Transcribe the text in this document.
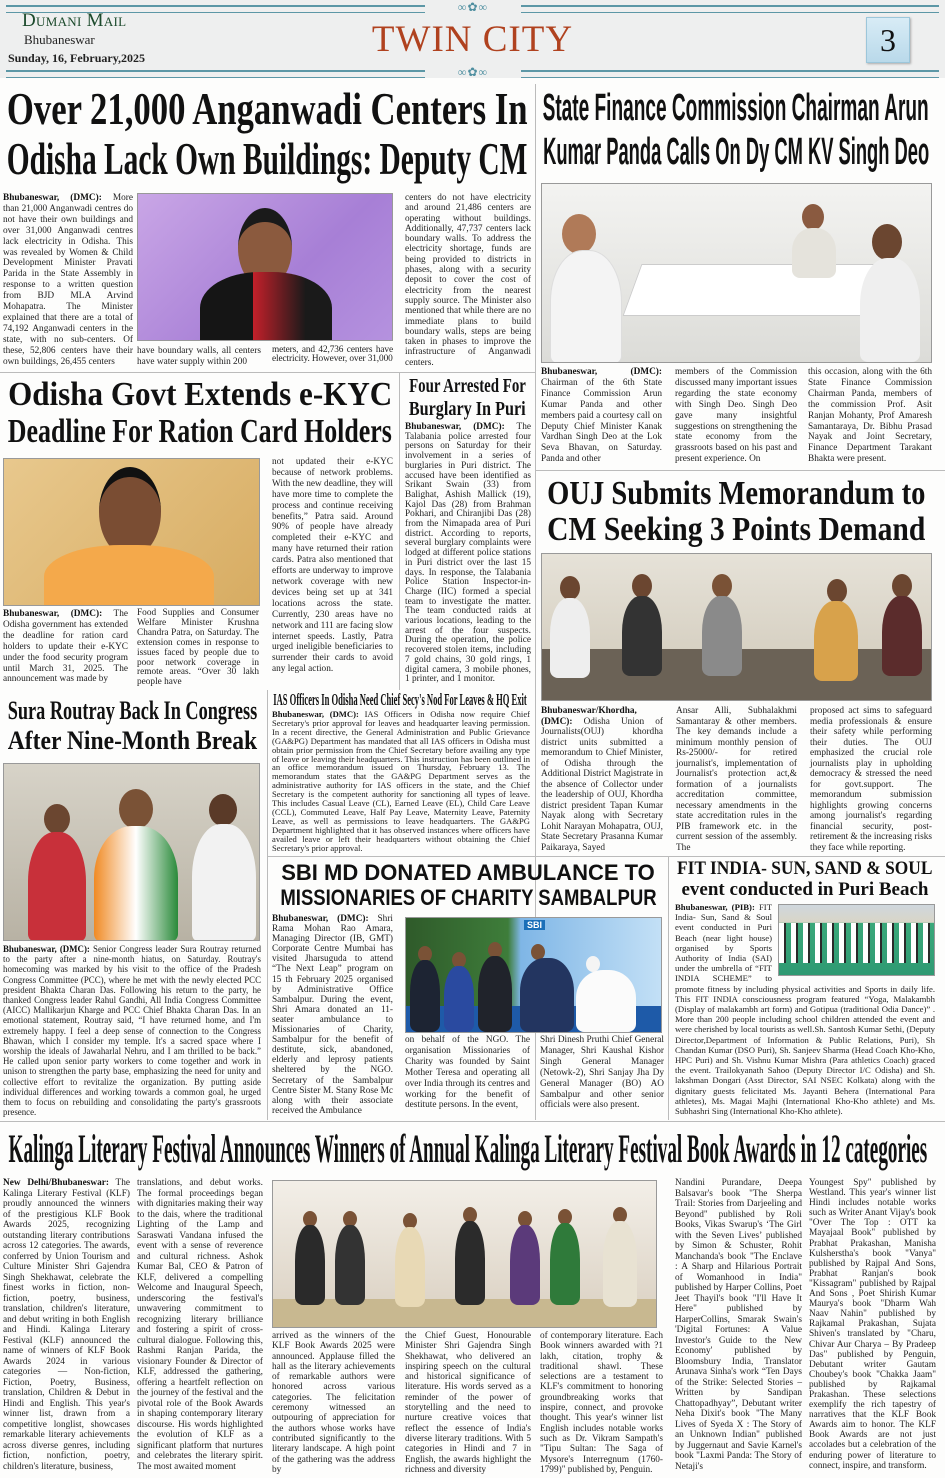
∞✿∞
∞✿∞
Dumani Mail
Bhubaneswar
Sunday, 16, February,2025	TWIN CITY	3
Over 21,000 Anganwadi Centers In
Odisha Lack Own Buildings: Deputy CM
Bhubaneswar, (DMC): More than 21,000 Anganwadi centres do not have their own buildings and over 31,000 Anganwadi centres lack electricity in Odisha. This was revealed by Women & Child Development Minister Pravati Parida in the State Assembly in response to a written question from BJD MLA Arvind Mohapatra. The Minister explained that there are a total of 74,192 Anganwadi centers in the state, with no sub-centers. Of these, 52,806 centers have their own buildings, 26,455 centers
have boundary walls, all centers have water supply within 200
meters, and 42,736 centers have electricity. However, over 31,000
centers do not have electricity and around 21,486 centers are operating without buildings. Additionally, 47,737 centers lack boundary walls. To address the electricity shortage, funds are being provided to districts in phases, along with a security deposit to cover the cost of electricity from the nearest supply source. The Minister also mentioned that while there are no immediate plans to build boundary walls, steps are being taken in phases to improve the infrastructure of Anganwadi centers.
State Finance Commission Chairman Arun
Kumar Panda Calls On Dy CM KV Singh Deo
Bhubaneswar, (DMC): Chairman of the 6th State Finance Commission Arun Kumar Panda and other members paid a courtesy call on Deputy Chief Minister Kanak Vardhan Singh Deo at the Lok Seva Bhavan, on Saturday. Panda and other
members of the Commission discussed many important issues regarding the state economy with Singh Deo. Singh Deo gave many insightful suggestions on strengthening the state economy from the grassroots based on his past and present experience. On
this occasion, along with the 6th State Finance Commission Chairman Panda, members of the commission Prof. Asit Ranjan Mohanty, Prof Amaresh Samantaraya, Dr. Bibhu Prasad Nayak and Joint Secretary, Finance Department Tarakant Bhakta were present.
Odisha Govt Extends e-KYC
Deadline For Ration Card Holders
Bhubaneswar, (DMC): The Odisha government has extended the deadline for ration card holders to update their e-KYC under the food security program until March 31, 2025. The announcement was made by
Food Supplies and Consumer Welfare Minister Krushna Chandra Patra, on Saturday. The extension comes in response to issues faced by people due to poor network coverage in remote areas. “Over 30 lakh people have
not updated their e-KYC because of network problems. With the new deadline, they will have more time to complete the process and continue receiving benefits,” Patra said. Around 90% of people have already completed their e-KYC and many have returned their ration cards. Patra also mentioned that efforts are underway to improve network coverage with new devices being set up at 341 locations across the state. Currently, 230 areas have no network and 111 are facing slow internet speeds. Lastly, Patra urged ineligible beneficiaries to surrender their cards to avoid any legal action.
Four Arrested For
Burglary In Puri
Bhubaneswar, (DMC): The Talabania police arrested four persons on Saturday for their involvement in a series of burglaries in Puri district. The accused have been identified as Srikant Swain (33) from Balighat, Ashish Mallick (19), Kajol Das (28) from Brahman Pokhari, and Chiranjibi Das (28) from the Nimapada area of Puri district. According to reports, several burglary complaints were lodged at different police stations in Puri district over the last 15 days. In response, the Talabania Police Station Inspector-in-Charge (IIC) formed a special team to investigate the matter. The team conducted raids at various locations, leading to the arrest of the four suspects. During the operation, the police recovered stolen items, including 7 gold chains, 30 gold rings, 1 digital camera, 3 mobile phones, 1 printer, and 1 monitor.
OUJ Submits Memorandum to
CM Seeking 3 Points Demand
Bhubaneswar/Khordha, (DMC): Odisha Union of Journalists(OUJ) khordha district units submitted a memorandum to Chief Minister, of Odisha through the Additional District Magistrate in the absence of Collector under the leadership of OUJ, Khordha district president Tapan Kumar Nayak along with Secretary Lohit Narayan Mohapatra, OUJ, State Secretary Prasanna Kumar Paikaraya, Sayed
Ansar Alli, Subhalakhmi Samantaray & other members. The key demands include a minimum monthly pension of Rs-25000/- for retired journalist's, implementation of Journalist's protection act,& formation of a journalists accreditation committee, necessary amendments in the state accreditation rules in the PIB framework etc. in the current session of the assembly. The
proposed act sims to safeguard media professionals & ensure their safety while performing their duties. The OUJ emphasized the crucial role journalists play in upholding democracy & stressed the need for govt.support. The memorandum submission highlights growing concerns among journalist's regarding financial security, post-retirement & the increasing risks they face while reporting.
IAS Officers In Odisha Need Chief Secy's Nod For Leaves & HQ Exit
Bhubaneswar, (DMC): IAS Officers in Odisha now require Chief Secretary's prior approval for leaves and headquarter leaving permission. In a recent directive, the General Administration and Public Grievance (GA&PG) Department has mandated that all IAS officers in Odisha must obtain prior permission from the Chief Secretary before availing any type of leave or leaving their headquarters. This instruction has been outlined in an office memorandum issued on Thursday, February 13. The memorandum states that the GA&PG Department serves as the administrative authority for IAS officers in the state, and the Chief Secretary is the competent authority for sanctioning all types of leave. This includes Casual Leave (CL), Earned Leave (EL), Child Care Leave (CCL), Commuted Leave, Half Pay Leave, Maternity Leave, Paternity Leave, as well as permissions to leave headquarters. The GA&PG Department highlighted that it has observed instances where officers have availed leave or left their headquarters without obtaining the Chief Secretary's prior approval.
Sura Routray Back In Congress
After Nine-Month Break
Bhubaneswar, (DMC): Senior Congress leader Sura Routray returned to the party after a nine-month hiatus, on Saturday. Routray's homecoming was marked by his visit to the office of the Pradesh Congress Committee (PCC), where he met with the newly elected PCC president Bhakta Charan Das. Following his return to the party, he thanked Congress leader Rahul Gandhi, All India Congress Committee (AICC) Mallikarjun Kharge and PCC Chief Bhakta Charan Das. In an emotional statement, Routray said, “I have returned home, and I'm extremely happy. I feel a deep sense of connection to the Congress Bhawan, which I consider my temple. It's a sacred space where I worship the ideals of Jawaharlal Nehru, and I am thrilled to be back.” He called upon senior party workers to come together and work in unison to strengthen the party base, emphasizing the need for unity and collective effort to revitalize the organization. By putting aside individual differences and working towards a common goal, he urged them to focus on rebuilding and consolidating the party's grassroots presence.
SBI MD DONATED AMBULANCE TO
MISSIONARIES OF CHARITY SAMBALPUR
Bhubaneswar, (DMC): Shri Rama Mohan Rao Amara, Managing Director (IB, GMT) Corporate Centre Mumbai has visited Jharsuguda to attend “The Next Leap” program on 15 th February 2025 organised by Administrative Office Sambalpur. During the event, Shri Amara donated an 11-seater ambulance to Missionaries of Charity, Sambalpur for the benefit of destitute, sick, abandoned, elderly and leprosy patients sheltered by the NGO. Secretary of the Sambalpur Centre Sister M. Stany Rose Mc along with their associate received the Ambulance
SBI
on behalf of the NGO. The organisation Missionaries of Charity was founded by Saint Mother Teresa and operating all over India through its centres and working for the benefit of destitute persons. In the event,
Shri Dinesh Pruthi Chief General Manager, Shri Kaushal Kishor Singh General Manager (Netowk-2), Shri Sanjay Jha Dy General Manager (BO) AO Sambalpur and other senior officials were also present.
FIT INDIA- SUN, SAND & SOUL
event conducted in Puri Beach
Bhubaneswar, (PIB): FIT India- Sun, Sand & Soul event conducted in Puri Beach (near light house) organised by Sports Authority of India (SAI) under the umbrella of “FIT INDIA SCHEME” to promote fitness by including physical activities and Sports in daily life. This FIT INDIA consciousness program featured “Yoga, Malakambh (Display of malakambh art form) and Gotipua (traditional Odia Dance)” . More than 200 people including school children attended the event and were cherished by local tourists as well.Sh. Santosh Kumar Sethi, (Deputy Director,Department of Information & Public Relations, Puri), Sh Chandan Kumar (DSO Puri), Sh. Sanjeev Sharma (Head Coach Kho-Kho, HPC Puri) and Sh. Vishnu Kumar Mishra (Para athletics Coach) graced the event. Trailokyanath Sahoo (Deputy Director I/C Odisha) and Sh. lakshman Dongari (Asst Director, SAI NSEC Kolkata) along with the dignitary guests felicitated Ms. Jayanti Behera (International Para athletes), Ms. Magai Majhi (International Kho-Kho athlete) and Ms. Subhashri Sing (International Kho-Kho athlete).
Kalinga Literary Festival Announces Winners of Annual Kalinga Literary Festival Book Awards in 12 categories
New Delhi/Bhubaneswar: The Kalinga Literary Festival (KLF) proudly announced the winners of the prestigious KLF Book Awards 2025, recognizing outstanding literary contributions across 12 categories. The awards, conferred by Union Tourism and Culture Minister Shri Gajendra Singh Shekhawat, celebrate the finest works in fiction, non-fiction, poetry, business, translation, children's literature, and debut writing in both English and Hindi. Kalinga Literary Festival (KLF) announced the name of winners of KLF Book Awards 2024 in various categories — Non-fiction, Fiction, Poetry, Business, translation, Children & Debut in Hindi and English. This year's winner list, drawn from a competitive longlist, showcases remarkable literary achievements across diverse genres, including fiction, nonfiction, poetry, children's literature, business,
translations, and debut works. The formal proceedings began with dignitaries making their way to the dais, where the traditional Lighting of the Lamp and Saraswati Vandana infused the event with a sense of reverence and cultural richness. Ashok Kumar Bal, CEO & Patron of KLF, delivered a compelling Welcome and Inaugural Speech, underscoring the festival's unwavering commitment to recognizing literary brilliance and fostering a spirit of cross-cultural dialogue. Following this, Rashmi Ranjan Parida, the visionary Founder & Director of KLF, addressed the gathering, offering a heartfelt reflection on the journey of the festival and the pivotal role of the Book Awards in shaping contemporary literary discourse. His words highlighted the evolution of KLF as a significant platform that nurtures and celebrates the literary spirit. The most awaited moment
arrived as the winners of the KLF Book Awards 2025 were announced. Applause filled the hall as the literary achievements of remarkable authors were honored across various categories. The felicitation ceremony witnessed an outpouring of appreciation for the authors whose works have contributed significantly to the literary landscape. A high point of the gathering was the address by
the Chief Guest, Honourable Minister Shri Gajendra Singh Shekhawat, who delivered an inspiring speech on the cultural and historical significance of literature. His words served as a reminder of the power of storytelling and the need to nurture creative voices that reflect the essence of India's diverse literary traditions. With 5 categories in Hindi and 7 in English, the awards highlight the richness and diversity
of contemporary literature. Each Book winners awarded with ?1 lakh, citation, trophy & traditional shawl. These selections are a testament to KLF's commitment to honoring groundbreaking works that inspire, connect, and provoke thought. This year's winner list English includes notable works such as Dr. Vikram Sampath's "Tipu Sultan: The Saga of Mysore's Interregnum (1760-1799)" published by, Penguin.
Nandini Purandare, Deepa Balsavar's book "The Sherpa Trail: Stories from Darjeeling and Beyond" published by Roli Books, Vikas Swarup's ‘The Girl with the Seven Lives’ published by Simon & Schuster, Rohit Manchanda's book "The Enclave : A Sharp and Hilarious Portrait of Womanhood in India" published by Harper Collins, Poet Jeet Thayil's book "I'll Have It Here" published by HarperCollins, Smarak Swain's 'Digital Fortunes: A Value Investor's Guide to the New Economy' published by Bloomsbury India, Translator Arunava Sinha's work “Ten Days of the Strike: Selected Stories – Written by Sandipan Chattopadhyay”, Debutant writer Neha Dixit's book "The Many Lives of Syeda X : The Story of an Unknown Indian" published by Juggernaut and Savie Karnel's book "Laxmi Panda: The Story of Netaji's
Youngest Spy" published by Westland. This year's winner list Hindi includes notable works such as Writer Anant Vijay's book "Over The Top : OTT ka Mayajaal Book" published by Prabhat Prakashan, Manisha Kulshersthа's book "Vanya" published by Rajpal And Sons, Prabhat Ranjan's book "Kissagram" published by Rajpal And Sons , Poet Shirish Kumar Maurya's book "Dharm Wah Naav Nahin" published by Rajkamal Prakashan, Sujata Shiven's translated by "Charu, Chivar Aur Charya – By Pradeep Das" published by Penguin, Debutant writer Gautam Choubey's book "Chakka Jaam" published by Rajkamal Prakashan. These selections exemplify the rich tapestry of narratives that the KLF Book Awards aim to honor. The KLF Book Awards are not just accolades but a celebration of the enduring power of literature to connect, inspire, and transform.
